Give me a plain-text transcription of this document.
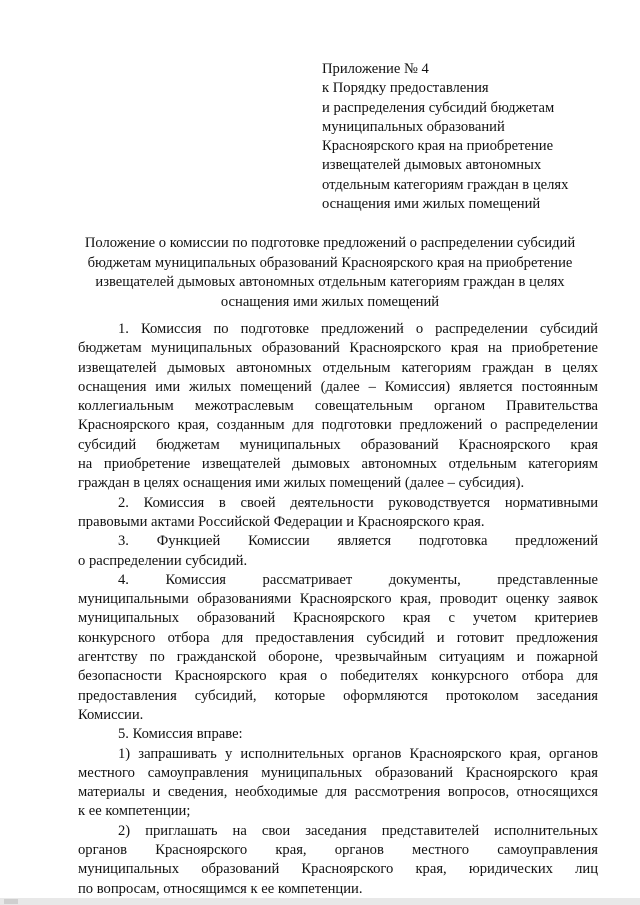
Приложение № 4
к Порядку предоставления
и распределения субсидий бюджетам
муниципальных образований
Красноярского края на приобретение
извещателей дымовых автономных
отдельным категориям граждан в целях
оснащения ими жилых помещений
Положение о комиссии по подготовке предложений о распределении субсидий
бюджетам муниципальных образований Красноярского края на приобретение
извещателей дымовых автономных отдельным категориям граждан в целях
оснащения ими жилых помещений
1. Комиссия по подготовке предложений о распределении субсидий
бюджетам муниципальных образований Красноярского края на приобретение
извещателей дымовых автономных отдельным категориям граждан в целях
оснащения ими жилых помещений (далее – Комиссия) является постоянным
коллегиальным межотраслевым совещательным органом Правительства
Красноярского края, созданным для подготовки предложений о распределении
субсидий бюджетам муниципальных образований Красноярского края
на приобретение извещателей дымовых автономных отдельным категориям
граждан в целях оснащения ими жилых помещений (далее – субсидия).
2. Комиссия в своей деятельности руководствуется нормативными
правовыми актами Российской Федерации и Красноярского края.
3. Функцией Комиссии является подготовка предложений
о распределении субсидий.
4. Комиссия рассматривает документы, представленные
муниципальными образованиями Красноярского края, проводит оценку заявок
муниципальных образований Красноярского края с учетом критериев
конкурсного отбора для предоставления субсидий и готовит предложения
агентству по гражданской обороне, чрезвычайным ситуациям и пожарной
безопасности Красноярского края о победителях конкурсного отбора для
предоставления субсидий, которые оформляются протоколом заседания
Комиссии.
5. Комиссия вправе:
1) запрашивать у исполнительных органов Красноярского края, органов
местного самоуправления муниципальных образований Красноярского края
материалы и сведения, необходимые для рассмотрения вопросов, относящихся
к ее компетенции;
2) приглашать на свои заседания представителей исполнительных
органов Красноярского края, органов местного самоуправления
муниципальных образований Красноярского края, юридических лиц
по вопросам, относящимся к ее компетенции.
